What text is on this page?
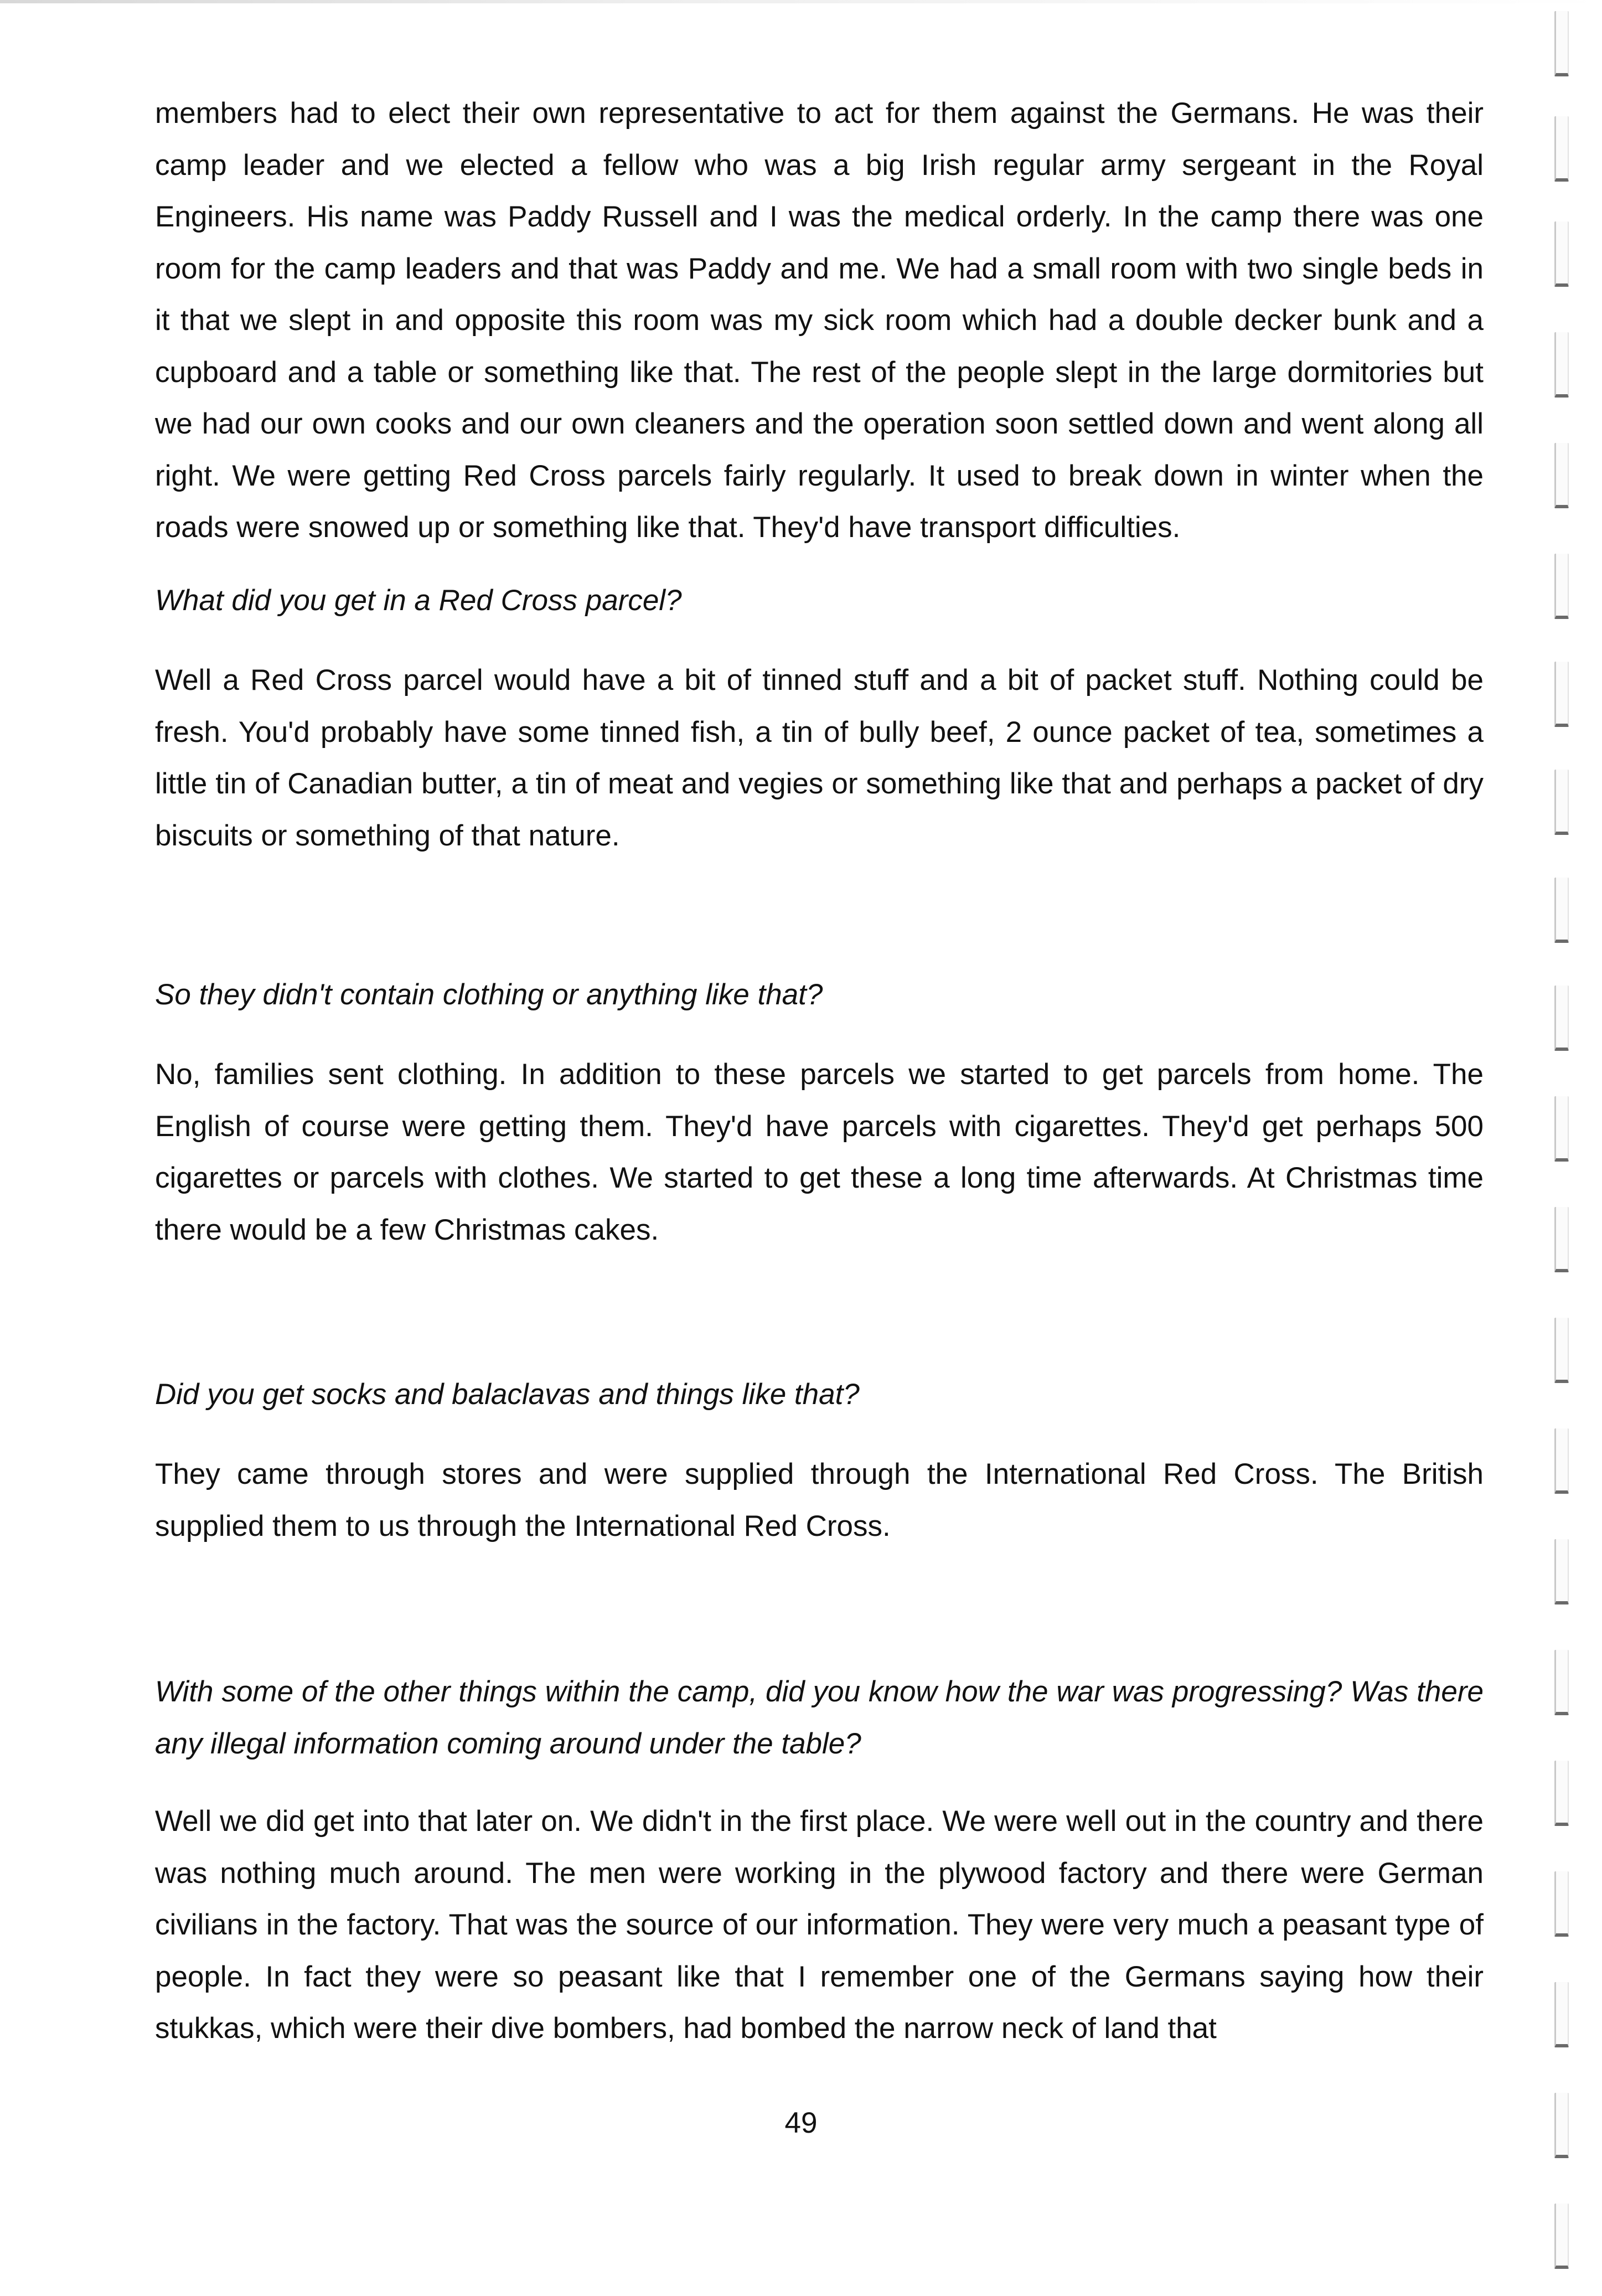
members had to elect their own representative to act for them against the Germans. He was their camp leader and we elected a fellow who was a big Irish regular army sergeant in the Royal Engineers. His name was Paddy Russell and I was the medical orderly. In the camp there was one room for the camp leaders and that was Paddy and me. We had a small room with two single beds in it that we slept in and opposite this room was my sick room which had a double decker bunk and a cupboard and a table or something like that. The rest of the people slept in the large dormitories but we had our own cooks and our own cleaners and the operation soon settled down and went along all right. We were getting Red Cross parcels fairly regularly. It used to break down in winter when the roads were snowed up or something like that. They'd have transport difficulties.

What did you get in a Red Cross parcel?

Well a Red Cross parcel would have a bit of tinned stuff and a bit of packet stuff. Nothing could be fresh. You'd probably have some tinned fish, a tin of bully beef, 2 ounce packet of tea, sometimes a little tin of Canadian butter, a tin of meat and vegies or something like that and perhaps a packet of dry biscuits or something of that nature.

So they didn't contain clothing or anything like that?

No, families sent clothing. In addition to these parcels we started to get parcels from home. The English of course were getting them. They'd have parcels with cigarettes. They'd get perhaps 500 cigarettes or parcels with clothes. We started to get these a long time afterwards. At Christmas time there would be a few Christmas cakes.

Did you get socks and balaclavas and things like that?

They came through stores and were supplied through the International Red Cross. The British supplied them to us through the International Red Cross.

With some of the other things within the camp, did you know how the war was progressing? Was there any illegal information coming around under the table?

Well we did get into that later on. We didn't in the first place. We were well out in the country and there was nothing much around. The men were working in the plywood factory and there were German civilians in the factory. That was the source of our information. They were very much a peasant type of people. In fact they were so peasant like that I remember one of the Germans saying how their stukkas, which were their dive bombers, had bombed the narrow neck of land that

49
